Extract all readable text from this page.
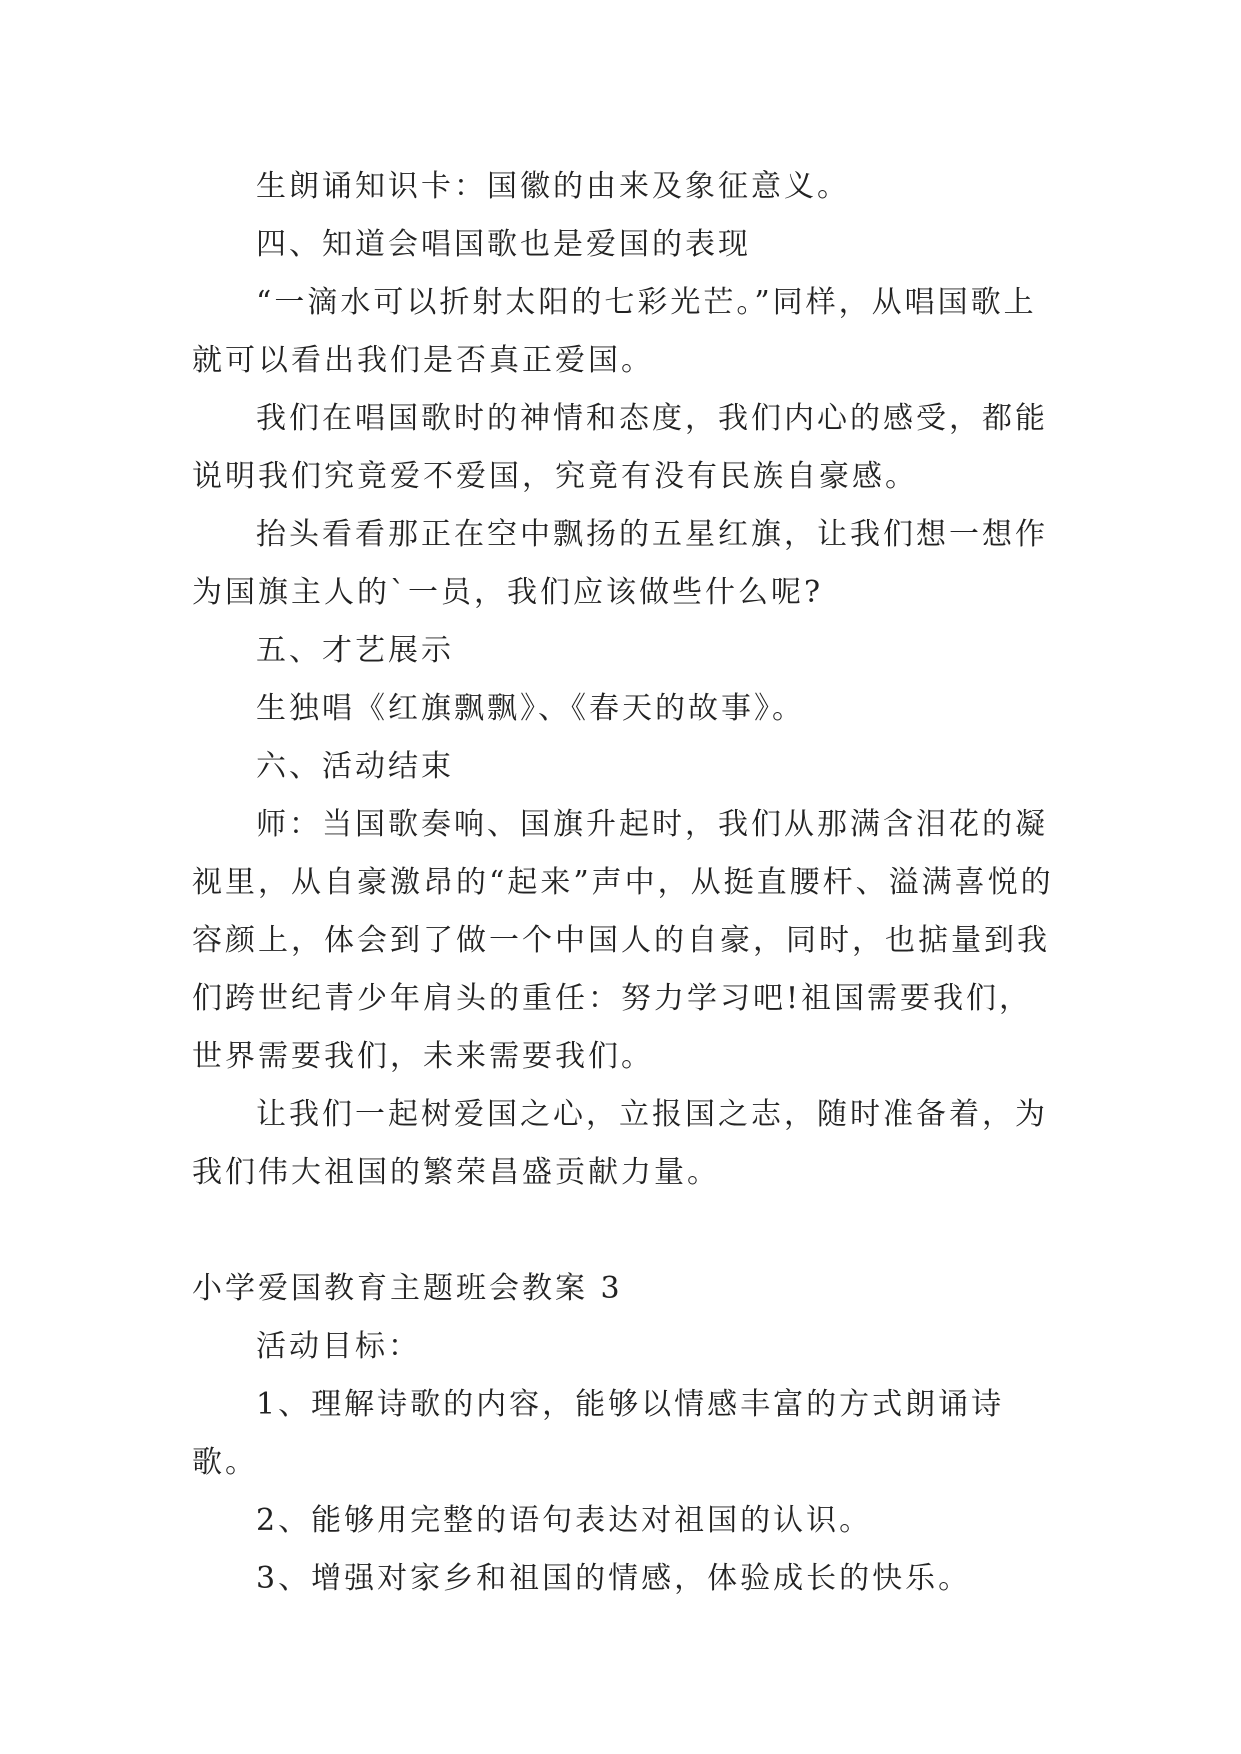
生朗诵知识卡：国徽的由来及象征意义。

四、知道会唱国歌也是爱国的表现

“一滴水可以折射太阳的七彩光芒。”同样，从唱国歌上就可以看出我们是否真正爱国。

我们在唱国歌时的神情和态度，我们内心的感受，都能说明我们究竟爱不爱国，究竟有没有民族自豪感。

抬头看看那正在空中飘扬的五星红旗，让我们想一想作为国旗主人的`一员，我们应该做些什么呢?

五、才艺展示

生独唱《红旗飘飘》、《春天的故事》。

六、活动结束

师：当国歌奏响、国旗升起时，我们从那满含泪花的凝视里，从自豪激昂的“起来”声中，从挺直腰杆、溢满喜悦的容颜上，体会到了做一个中国人的自豪，同时，也掂量到我们跨世纪青少年肩头的重任：努力学习吧!祖国需要我们，世界需要我们，未来需要我们。

让我们一起树爱国之心，立报国之志，随时准备着，为我们伟大祖国的繁荣昌盛贡献力量。

小学爱国教育主题班会教案 3

活动目标：

1、理解诗歌的内容，能够以情感丰富的方式朗诵诗歌。

2、能够用完整的语句表达对祖国的认识。

3、增强对家乡和祖国的情感，体验成长的快乐。
